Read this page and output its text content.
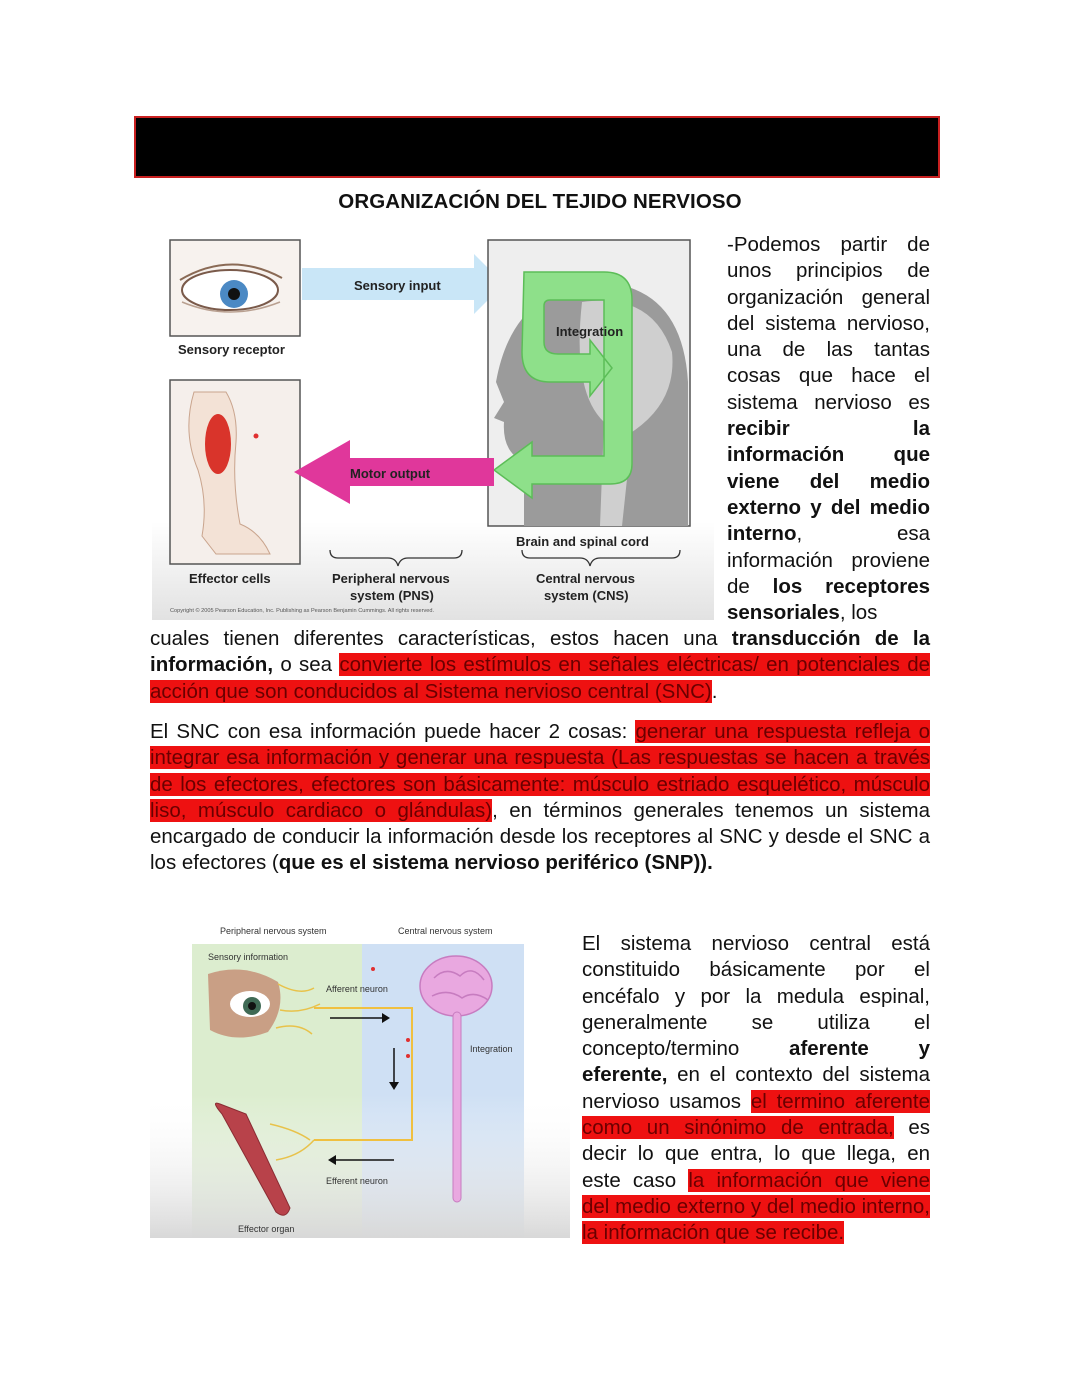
ORGANIZACIÓN DEL TEJIDO NERVIOSO
Sensory receptor
Sensory input
Integration
Brain and spinal cord
Effector cells
Motor output
Peripheral nervous
system (PNS)
Central nervous
system (CNS)
Copyright © 2005 Pearson Education, Inc. Publishing as Pearson Benjamin Cummings. All rights reserved.
-Podemos partir de unos principios de organización general del sistema nervioso, una de las tantas cosas que hace el sistema nervioso es recibir la información que viene del medio externo y del medio interno, esa información proviene de los receptores sensoriales, los
cuales tienen diferentes características, estos hacen una transducción de la información, o sea convierte los estímulos en señales eléctricas/ en potenciales de acción que son conducidos al Sistema nervioso central (SNC).
El SNC con esa información puede hacer 2 cosas: generar una respuesta refleja o integrar esa información y generar una respuesta (Las respuestas se hacen a través de los efectores, efectores son básicamente: músculo estriado esquelético, músculo liso, músculo cardiaco o glándulas), en términos generales tenemos un sistema encargado de conducir la información desde los receptores al SNC y desde el SNC a los efectores (que es el sistema nervioso periférico (SNP)).
Peripheral nervous system	Central nervous system
Sensory information
Afferent neuron
Integration
Efferent neuron
Effector organ
El sistema nervioso central está constituido básicamente por el encéfalo y por la medula espinal, generalmente se utiliza el concepto/termino aferente y eferente, en el contexto del sistema nervioso usamos el termino aferente como un sinónimo de entrada, es decir lo que entra, lo que llega, en este caso la información que viene del medio externo y del medio interno, la información que se recibe.
